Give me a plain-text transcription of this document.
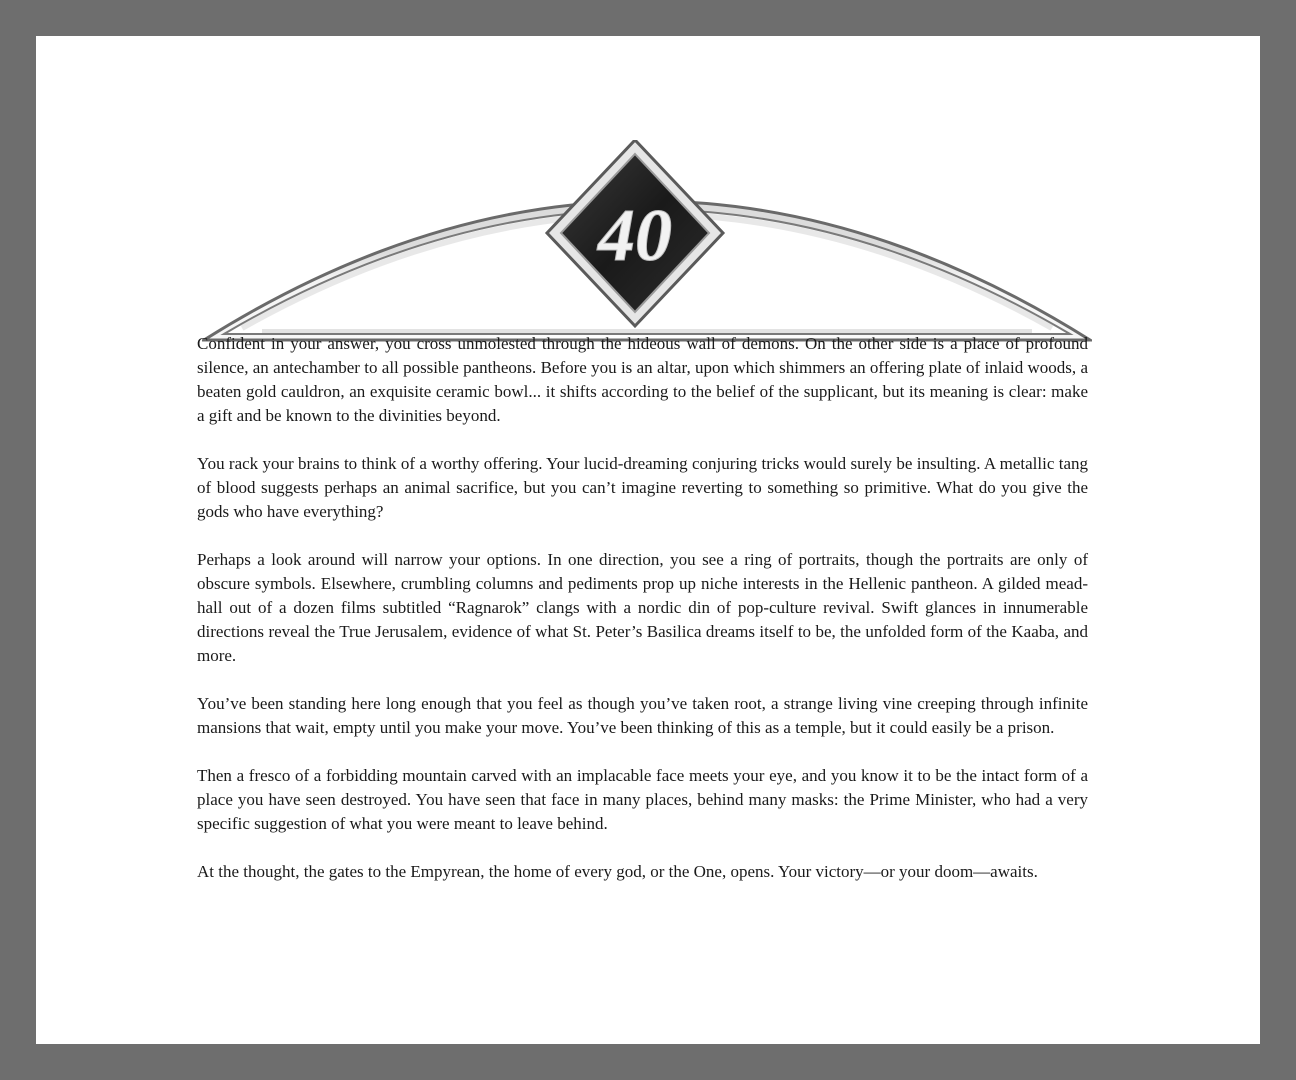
40

Confident in your answer, you cross unmolested through the hideous wall of demons. On the other side is a place of profound silence, an antechamber to all possible pantheons. Before you is an altar, upon which shimmers an offering plate of inlaid woods, a beaten gold cauldron, an exquisite ceramic bowl... it shifts according to the belief of the supplicant, but its meaning is clear: make a gift and be known to the divinities beyond.

You rack your brains to think of a worthy offering. Your lucid-dreaming conjuring tricks would surely be insulting. A metallic tang of blood suggests perhaps an animal sacrifice, but you can’t imagine reverting to something so primitive. What do you give the gods who have everything?

Perhaps a look around will narrow your options. In one direction, you see a ring of portraits, though the portraits are only of obscure symbols. Elsewhere, crumbling columns and pediments prop up niche interests in the Hellenic pantheon. A gilded mead-hall out of a dozen films subtitled “Ragnarok” clangs with a nordic din of pop-culture revival. Swift glances in innumerable directions reveal the True Jerusalem, evidence of what St. Peter’s Basilica dreams itself to be, the unfolded form of the Kaaba, and more.

You’ve been standing here long enough that you feel as though you’ve taken root, a strange living vine creeping through infinite mansions that wait, empty until you make your move. You’ve been thinking of this as a temple, but it could easily be a prison.

Then a fresco of a forbidding mountain carved with an implacable face meets your eye, and you know it to be the intact form of a place you have seen destroyed. You have seen that face in many places, behind many masks: the Prime Minister, who had a very specific suggestion of what you were meant to leave behind.

At the thought, the gates to the Empyrean, the home of every god, or the One, opens. Your victory—or your doom—awaits.
